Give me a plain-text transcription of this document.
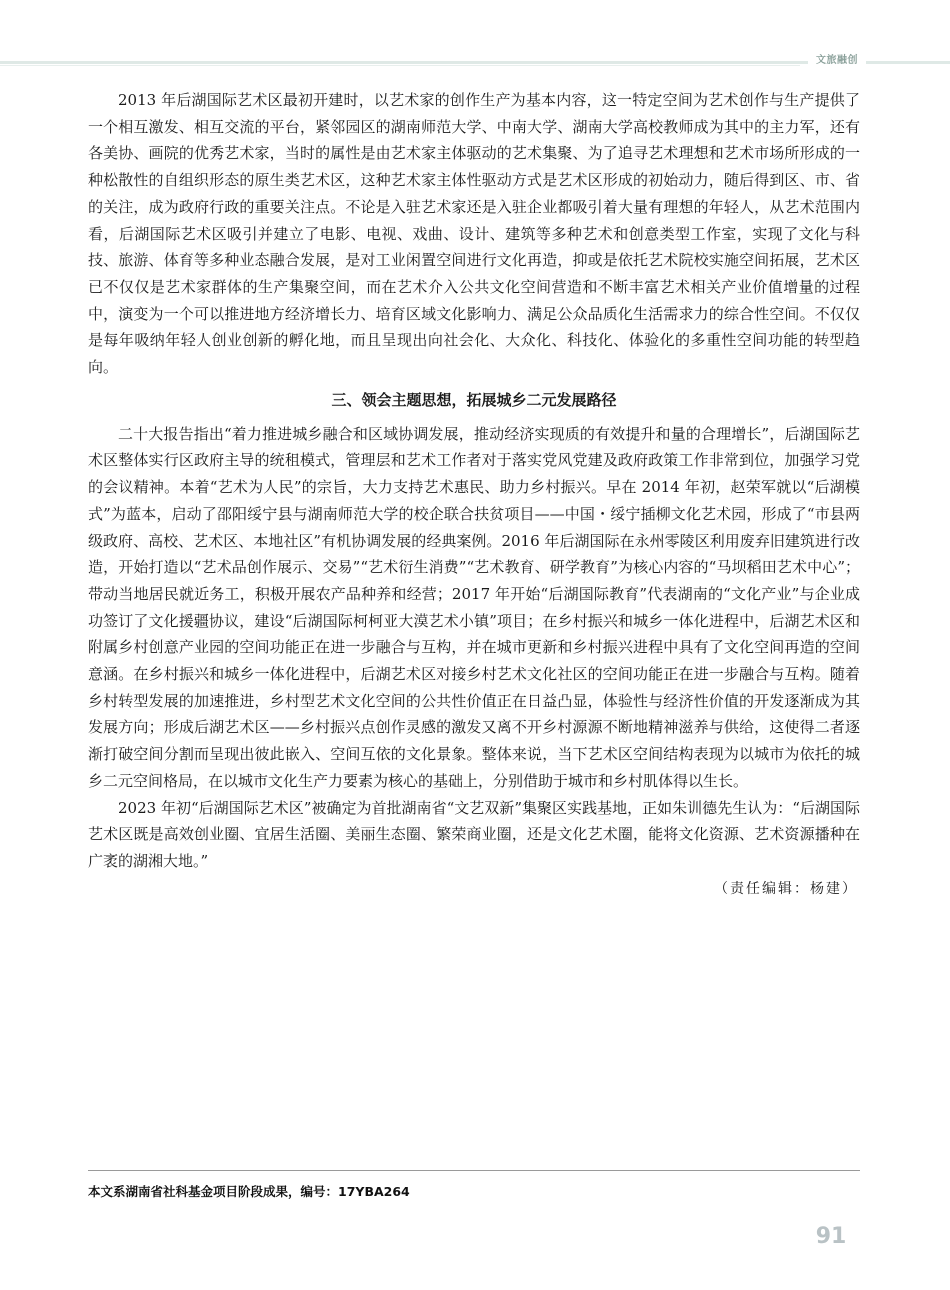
文旅融创

2013 年后湖国际艺术区最初开建时，以艺术家的创作生产为基本内容，这一特定空间为艺术创作与生产提供了一个相互激发、相互交流的平台，紧邻园区的湖南师范大学、中南大学、湖南大学高校教师成为其中的主力军，还有各美协、画院的优秀艺术家，当时的属性是由艺术家主体驱动的艺术集聚、为了追寻艺术理想和艺术市场所形成的一种松散性的自组织形态的原生类艺术区，这种艺术家主体性驱动方式是艺术区形成的初始动力，随后得到区、市、省的关注，成为政府行政的重要关注点。不论是入驻艺术家还是入驻企业都吸引着大量有理想的年轻人，从艺术范围内看，后湖国际艺术区吸引并建立了电影、电视、戏曲、设计、建筑等多种艺术和创意类型工作室，实现了文化与科技、旅游、体育等多种业态融合发展，是对工业闲置空间进行文化再造，抑或是依托艺术院校实施空间拓展，艺术区已不仅仅是艺术家群体的生产集聚空间，而在艺术介入公共文化空间营造和不断丰富艺术相关产业价值增量的过程中，演变为一个可以推进地方经济增长力、培育区域文化影响力、满足公众品质化生活需求力的综合性空间。不仅仅是每年吸纳年轻人创业创新的孵化地，而且呈现出向社会化、大众化、科技化、体验化的多重性空间功能的转型趋向。

三、领会主题思想，拓展城乡二元发展路径

二十大报告指出“着力推进城乡融合和区域协调发展，推动经济实现质的有效提升和量的合理增长”，后湖国际艺术区整体实行区政府主导的统租模式，管理层和艺术工作者对于落实党风党建及政府政策工作非常到位，加强学习党的会议精神。本着“艺术为人民”的宗旨，大力支持艺术惠民、助力乡村振兴。早在 2014 年初，赵荣军就以“后湖模式”为蓝本，启动了邵阳绥宁县与湖南师范大学的校企联合扶贫项目——中国・绥宁插柳文化艺术园，形成了“市县两级政府、高校、艺术区、本地社区”有机协调发展的经典案例。2016 年后湖国际在永州零陵区利用废弃旧建筑进行改造，开始打造以“艺术品创作展示、交易”“艺术衍生消费”“艺术教育、研学教育”为核心内容的“马坝稻田艺术中心”；带动当地居民就近务工，积极开展农产品种养和经营；2017 年开始“后湖国际教育”代表湖南的“文化产业”与企业成功签订了文化援疆协议，建设“后湖国际柯柯亚大漠艺术小镇”项目；在乡村振兴和城乡一体化进程中，后湖艺术区和附属乡村创意产业园的空间功能正在进一步融合与互构，并在城市更新和乡村振兴进程中具有了文化空间再造的空间意涵。在乡村振兴和城乡一体化进程中，后湖艺术区对接乡村艺术文化社区的空间功能正在进一步融合与互构。随着乡村转型发展的加速推进，乡村型艺术文化空间的公共性价值正在日益凸显，体验性与经济性价值的开发逐渐成为其发展方向；形成后湖艺术区——乡村振兴点创作灵感的激发又离不开乡村源源不断地精神滋养与供给，这使得二者逐渐打破空间分割而呈现出彼此嵌入、空间互依的文化景象。整体来说，当下艺术区空间结构表现为以城市为依托的城乡二元空间格局，在以城市文化生产力要素为核心的基础上，分别借助于城市和乡村肌体得以生长。

2023 年初“后湖国际艺术区”被确定为首批湖南省“文艺双新”集聚区实践基地，正如朱训德先生认为：“后湖国际艺术区既是高效创业圈、宜居生活圈、美丽生态圈、繁荣商业圈，还是文化艺术圈，能将文化资源、艺术资源播种在广袤的湖湘大地。”

（责任编辑：杨建）

本文系湖南省社科基金项目阶段成果，编号：17YBA264
91
